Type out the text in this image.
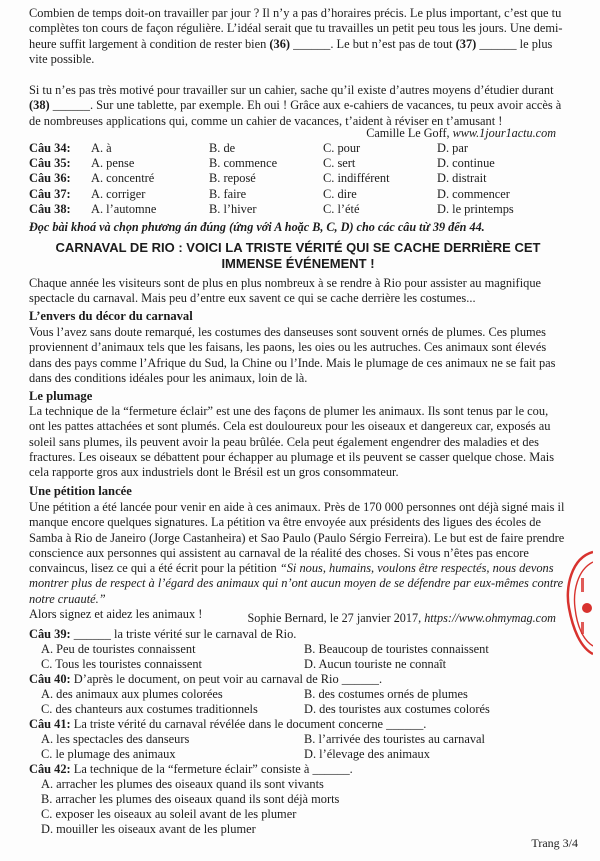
Combien de temps doit-on travailler par jour ? Il n’y a pas d’horaires précis. Le plus important, c’est que tu complètes ton cours de façon régulière. L’idéal serait que tu travailles un petit peu tous les jours. Une demi-heure suffit largement à condition de rester bien (36) ______. Le but n’est pas de tout (37) ______ le plus vite possible.

Si tu n’es pas très motivé pour travailler sur un cahier, sache qu’il existe d’autres moyens d’étudier durant (38) ______. Sur une tablette, par exemple. Eh oui ! Grâce aux e-cahiers de vacances, tu peux avoir accès à de nombreuses applications qui, comme un cahier de vacances, t’aident à réviser en t’amusant !

Camille Le Goff, www.1jour1actu.com
Câu 34:	A. à	B. de	C. pour	D. par
Câu 35:	A. pense	B. commence	C. sert	D. continue
Câu 36:	A. concentré	B. reposé	C. indifférent	D. distrait
Câu 37:	A. corriger	B. faire	C. dire	D. commencer
Câu 38:	A. l’automne	B. l’hiver	C. l’été	D. le printemps
Đọc bài khoá và chọn phương án đúng (ứng với A hoặc B, C, D) cho các câu từ 39 đến 44.
CARNAVAL DE RIO : VOICI LA TRISTE VÉRITÉ QUI SE CACHE DERRIÈRE CET IMMENSE ÉVÉNEMENT !

Chaque année les visiteurs sont de plus en plus nombreux à se rendre à Rio pour assister au magnifique spectacle du carnaval. Mais peu d’entre eux savent ce qui se cache derrière les costumes...

L’envers du décor du carnaval

Vous l’avez sans doute remarqué, les costumes des danseuses sont souvent ornés de plumes. Ces plumes proviennent d’animaux tels que les faisans, les paons, les oies ou les autruches. Ces animaux sont élevés dans des pays comme l’Afrique du Sud, la Chine ou l’Inde. Mais le plumage de ces animaux ne se fait pas dans des conditions idéales pour les animaux, loin de là.

Le plumage

La technique de la “fermeture éclair” est une des façons de plumer les animaux. Ils sont tenus par le cou, ont les pattes attachées et sont plumés. Cela est douloureux pour les oiseaux et dangereux car, exposés au soleil sans plumes, ils peuvent avoir la peau brûlée. Cela peut également engendrer des maladies et des fractures. Les oiseaux se débattent pour échapper au plumage et ils peuvent se casser quelque chose. Mais cela rapporte gros aux industriels dont le Brésil est un gros consommateur.

Une pétition lancée

Une pétition a été lancée pour venir en aide à ces animaux. Près de 170 000 personnes ont déjà signé mais il manque encore quelques signatures. La pétition va être envoyée aux présidents des ligues des écoles de Samba à Rio de Janeiro (Jorge Castanheira) et Sao Paulo (Paulo Sérgio Ferreira). Le but est de faire prendre conscience aux personnes qui assistent au carnaval de la réalité des choses. Si vous n’êtes pas encore convaincus, lisez ce qui a été écrit pour la pétition “Si nous, humains, voulons être respectés, nous devons montrer plus de respect à l’égard des animaux qui n’ont aucun moyen de se défendre par eux-mêmes contre notre cruauté.”
Alors signez et aidez les animaux !	Sophie Bernard, le 27 janvier 2017, https://www.ohmymag.com
Câu 39: ______ la triste vérité sur le carnaval de Rio.
A. Peu de touristes connaissent	B. Beaucoup de touristes connaissent
C. Tous les touristes connaissent	D. Aucun touriste ne connaît
Câu 40: D’après le document, on peut voir au carnaval de Rio ______.
A. des animaux aux plumes colorées	B. des costumes ornés de plumes
C. des chanteurs aux costumes traditionnels	D. des touristes aux costumes colorés
Câu 41: La triste vérité du carnaval révélée dans le document concerne ______.
A. les spectacles des danseurs	B. l’arrivée des touristes au carnaval
C. le plumage des animaux	D. l’élevage des animaux
Câu 42: La technique de la “fermeture éclair” consiste à ______.
A. arracher les plumes des oiseaux quand ils sont vivants
B. arracher les plumes des oiseaux quand ils sont déjà morts
C. exposer les oiseaux au soleil avant de les plumer
D. mouiller les oiseaux avant de les plumer
Trang 3/4
